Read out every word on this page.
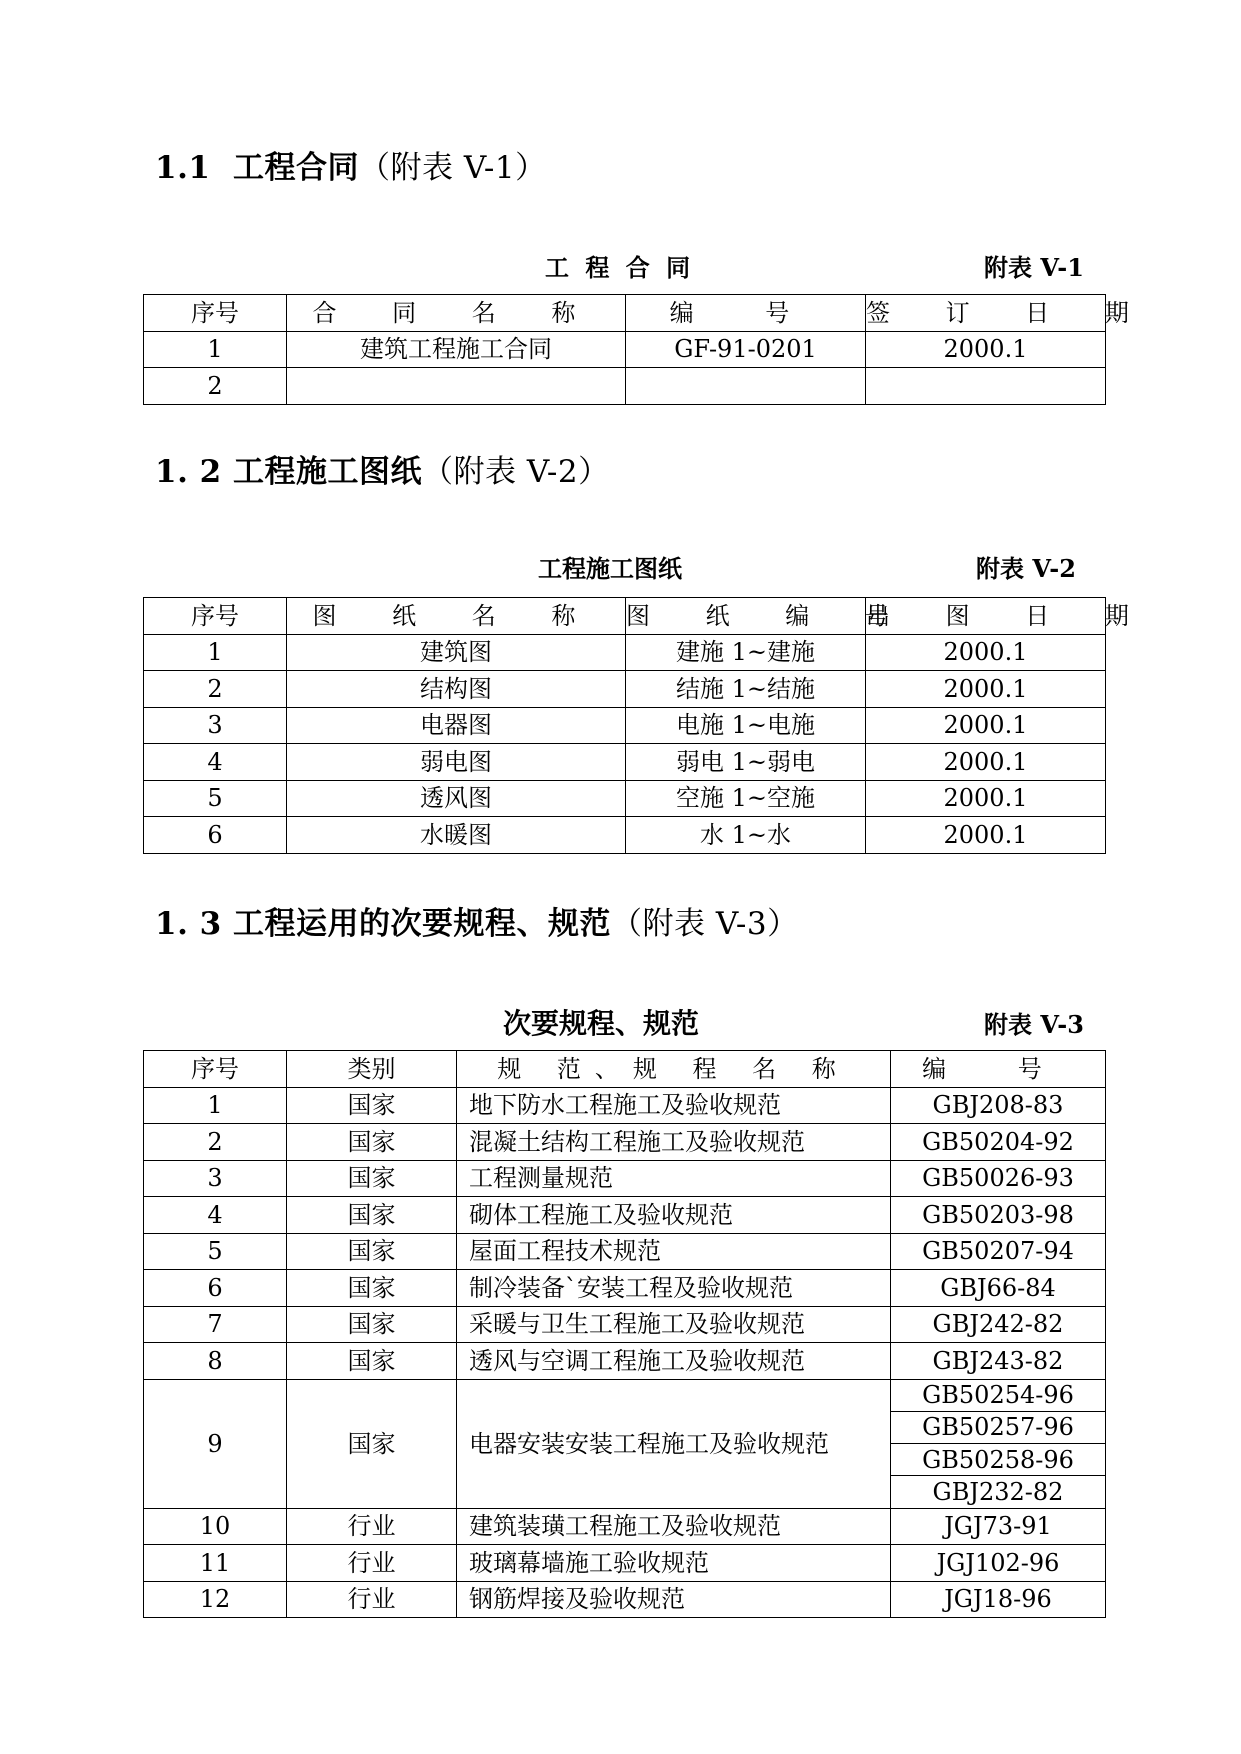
1.1 工程合同（附表 V-1）
工 程 合 同	附表 V-1
序号	合 同 名 称	编 号	签 订 日 期
1	建筑工程施工合同	GF-91-0201	2000.1
2			
1. 2 工程施工图纸（附表 V-2）
工程施工图纸	附表 V-2
序号	图 纸 名 称	图 纸 编 号	出 图 日 期
1	建筑图	建施 1~建施	2000.1
2	结构图	结施 1~结施	2000.1
3	电器图	电施 1~电施	2000.1
4	弱电图	弱电 1~弱电	2000.1
5	透风图	空施 1~空施	2000.1
6	水暖图	水 1~水	2000.1
1. 3 工程运用的次要规程、规范（附表 V-3）
次要规程、规范	附表 V-3
序号	类别	规 范、规 程 名 称	编 号
1	国家	地下防水工程施工及验收规范	GBJ208-83
2	国家	混凝土结构工程施工及验收规范	GB50204-92
3	国家	工程测量规范	GB50026-93
4	国家	砌体工程施工及验收规范	GB50203-98
5	国家	屋面工程技术规范	GB50207-94
6	国家	制冷装备`安装工程及验收规范	GBJ66-84
7	国家	采暖与卫生工程施工及验收规范	GBJ242-82
8	国家	透风与空调工程施工及验收规范	GBJ243-82
9	国家	电器安装安装工程施工及验收规范	GB50254-96
			GB50257-96
			GB50258-96
			GBJ232-82
10	行业	建筑装璜工程施工及验收规范	JGJ73-91
11	行业	玻璃幕墙施工验收规范	JGJ102-96
12	行业	钢筋焊接及验收规范	JGJ18-96
